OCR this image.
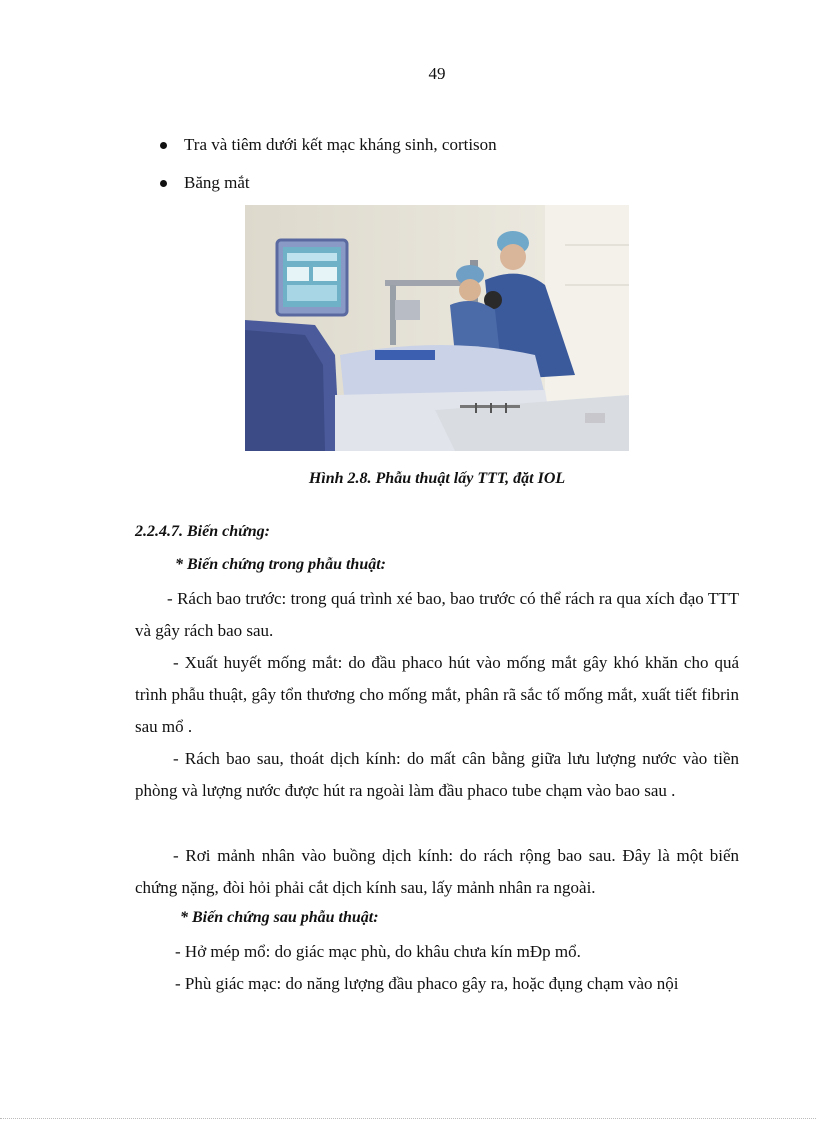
49
Tra và tiêm dưới kết mạc kháng sinh, cortison
Băng mắt
Hình 2.8. Phẫu thuật lấy TTT, đặt IOL
2.2.4.7. Biến chứng:
* Biến chứng trong phẫu thuật:
- Rách bao trước: trong quá trình xé bao, bao trước có thể rách ra qua xích đạo TTT và gây rách bao sau.
- Xuất huyết mống mắt: do đầu phaco hút vào mống mắt gây khó khăn cho quá trình phẫu thuật, gây tổn thương cho mống mắt, phân rã sắc tố mống mắt, xuất tiết fibrin sau mổ .
- Rách bao sau, thoát dịch kính: do mất cân bằng giữa lưu lượng nước vào tiền phòng và lượng nước được hút ra ngoài làm đầu phaco tube chạm vào bao sau .
- Rơi mảnh nhân vào buồng dịch kính: do rách rộng bao sau. Đây là một biến chứng nặng, đòi hỏi phải cắt dịch kính sau, lấy mảnh nhân ra ngoài.
* Biến chứng sau phẫu thuật:
- Hở mép mổ: do giác mạc phù, do khâu chưa kín mĐp mổ.
- Phù giác mạc: do năng lượng đầu phaco gây ra, hoặc đụng chạm vào nội
